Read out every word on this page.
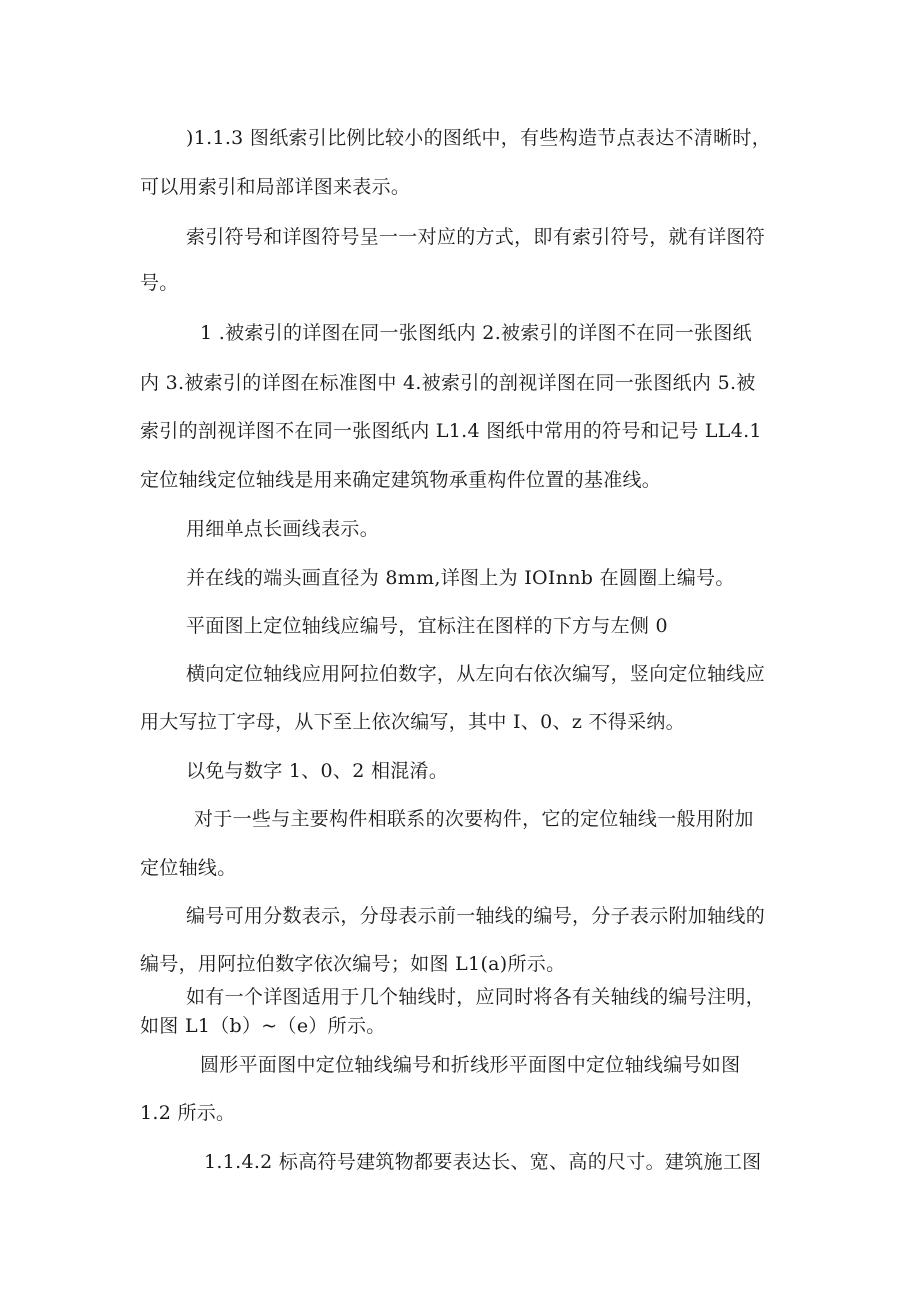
)1.1.3 图纸索引比例比较小的图纸中，有些构造节点表达不清晰时，
可以用索引和局部详图来表示。
索引符号和详图符号呈一一对应的方式，即有索引符号，就有详图符
号。
1 .被索引的详图在同一张图纸内 2.被索引的详图不在同一张图纸
内 3.被索引的详图在标准图中 4.被索引的剖视详图在同一张图纸内 5.被
索引的剖视详图不在同一张图纸内 L1.4 图纸中常用的符号和记号 LL4.1
定位轴线定位轴线是用来确定建筑物承重构件位置的基准线。
用细单点长画线表示。
并在线的端头画直径为 8mm,详图上为 IOInnb 在圆圈上编号。
平面图上定位轴线应编号，宜标注在图样的下方与左侧 0
横向定位轴线应用阿拉伯数字，从左向右依次编写，竖向定位轴线应
用大写拉丁字母，从下至上依次编写，其中 I、0、z 不得采纳。
以免与数字 1、0、2 相混淆。
对于一些与主要构件相联系的次要构件，它的定位轴线一般用附加
定位轴线。
编号可用分数表示，分母表示前一轴线的编号，分子表示附加轴线的
编号，用阿拉伯数字依次编号；如图 L1(a)所示。
如有一个详图适用于几个轴线时，应同时将各有关轴线的编号注明，
如图 L1（b）~（e）所示。
圆形平面图中定位轴线编号和折线形平面图中定位轴线编号如图
1.2 所示。
1.1.4.2 标高符号建筑物都要表达长、宽、高的尺寸。建筑施工图
